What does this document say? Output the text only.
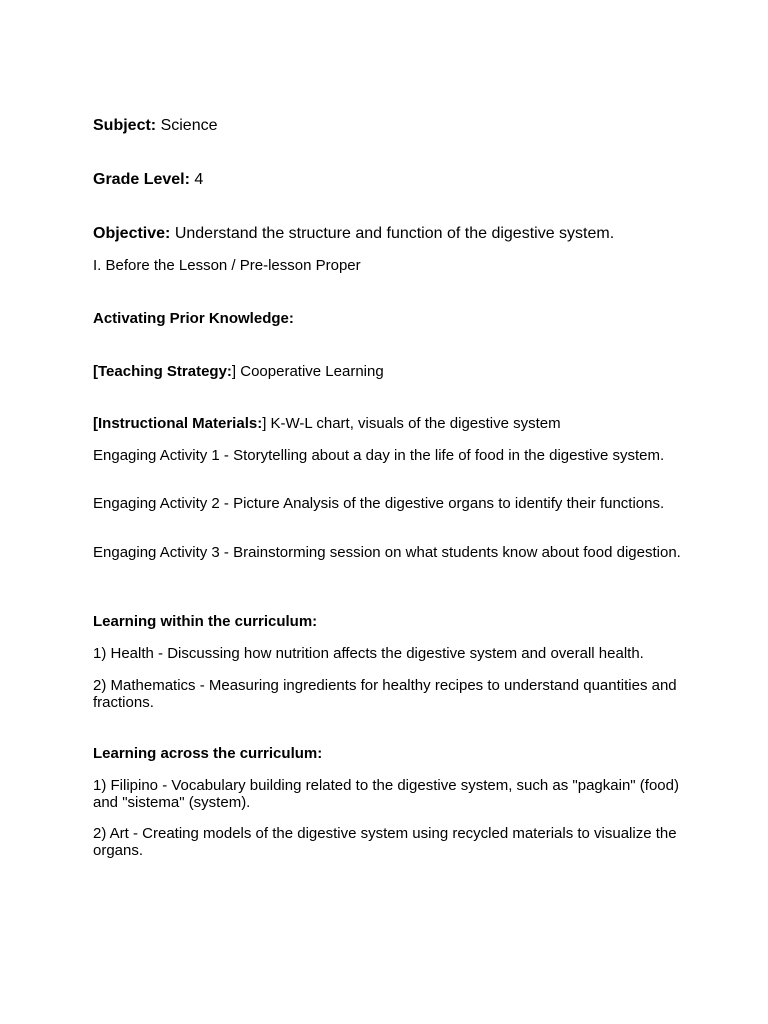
Subject: Science
Grade Level: 4
Objective: Understand the structure and function of the digestive system.
I. Before the Lesson / Pre-lesson Proper
Activating Prior Knowledge:
[Teaching Strategy:] Cooperative Learning
[Instructional Materials:] K-W-L chart, visuals of the digestive system
Engaging Activity 1 - Storytelling about a day in the life of food in the digestive system.
Engaging Activity 2 - Picture Analysis of the digestive organs to identify their functions.
Engaging Activity 3 - Brainstorming session on what students know about food digestion.
Learning within the curriculum:
1) Health - Discussing how nutrition affects the digestive system and overall health.
2) Mathematics - Measuring ingredients for healthy recipes to understand quantities and fractions.
Learning across the curriculum:
1) Filipino - Vocabulary building related to the digestive system, such as "pagkain" (food) and "sistema" (system).
2) Art - Creating models of the digestive system using recycled materials to visualize the organs.
